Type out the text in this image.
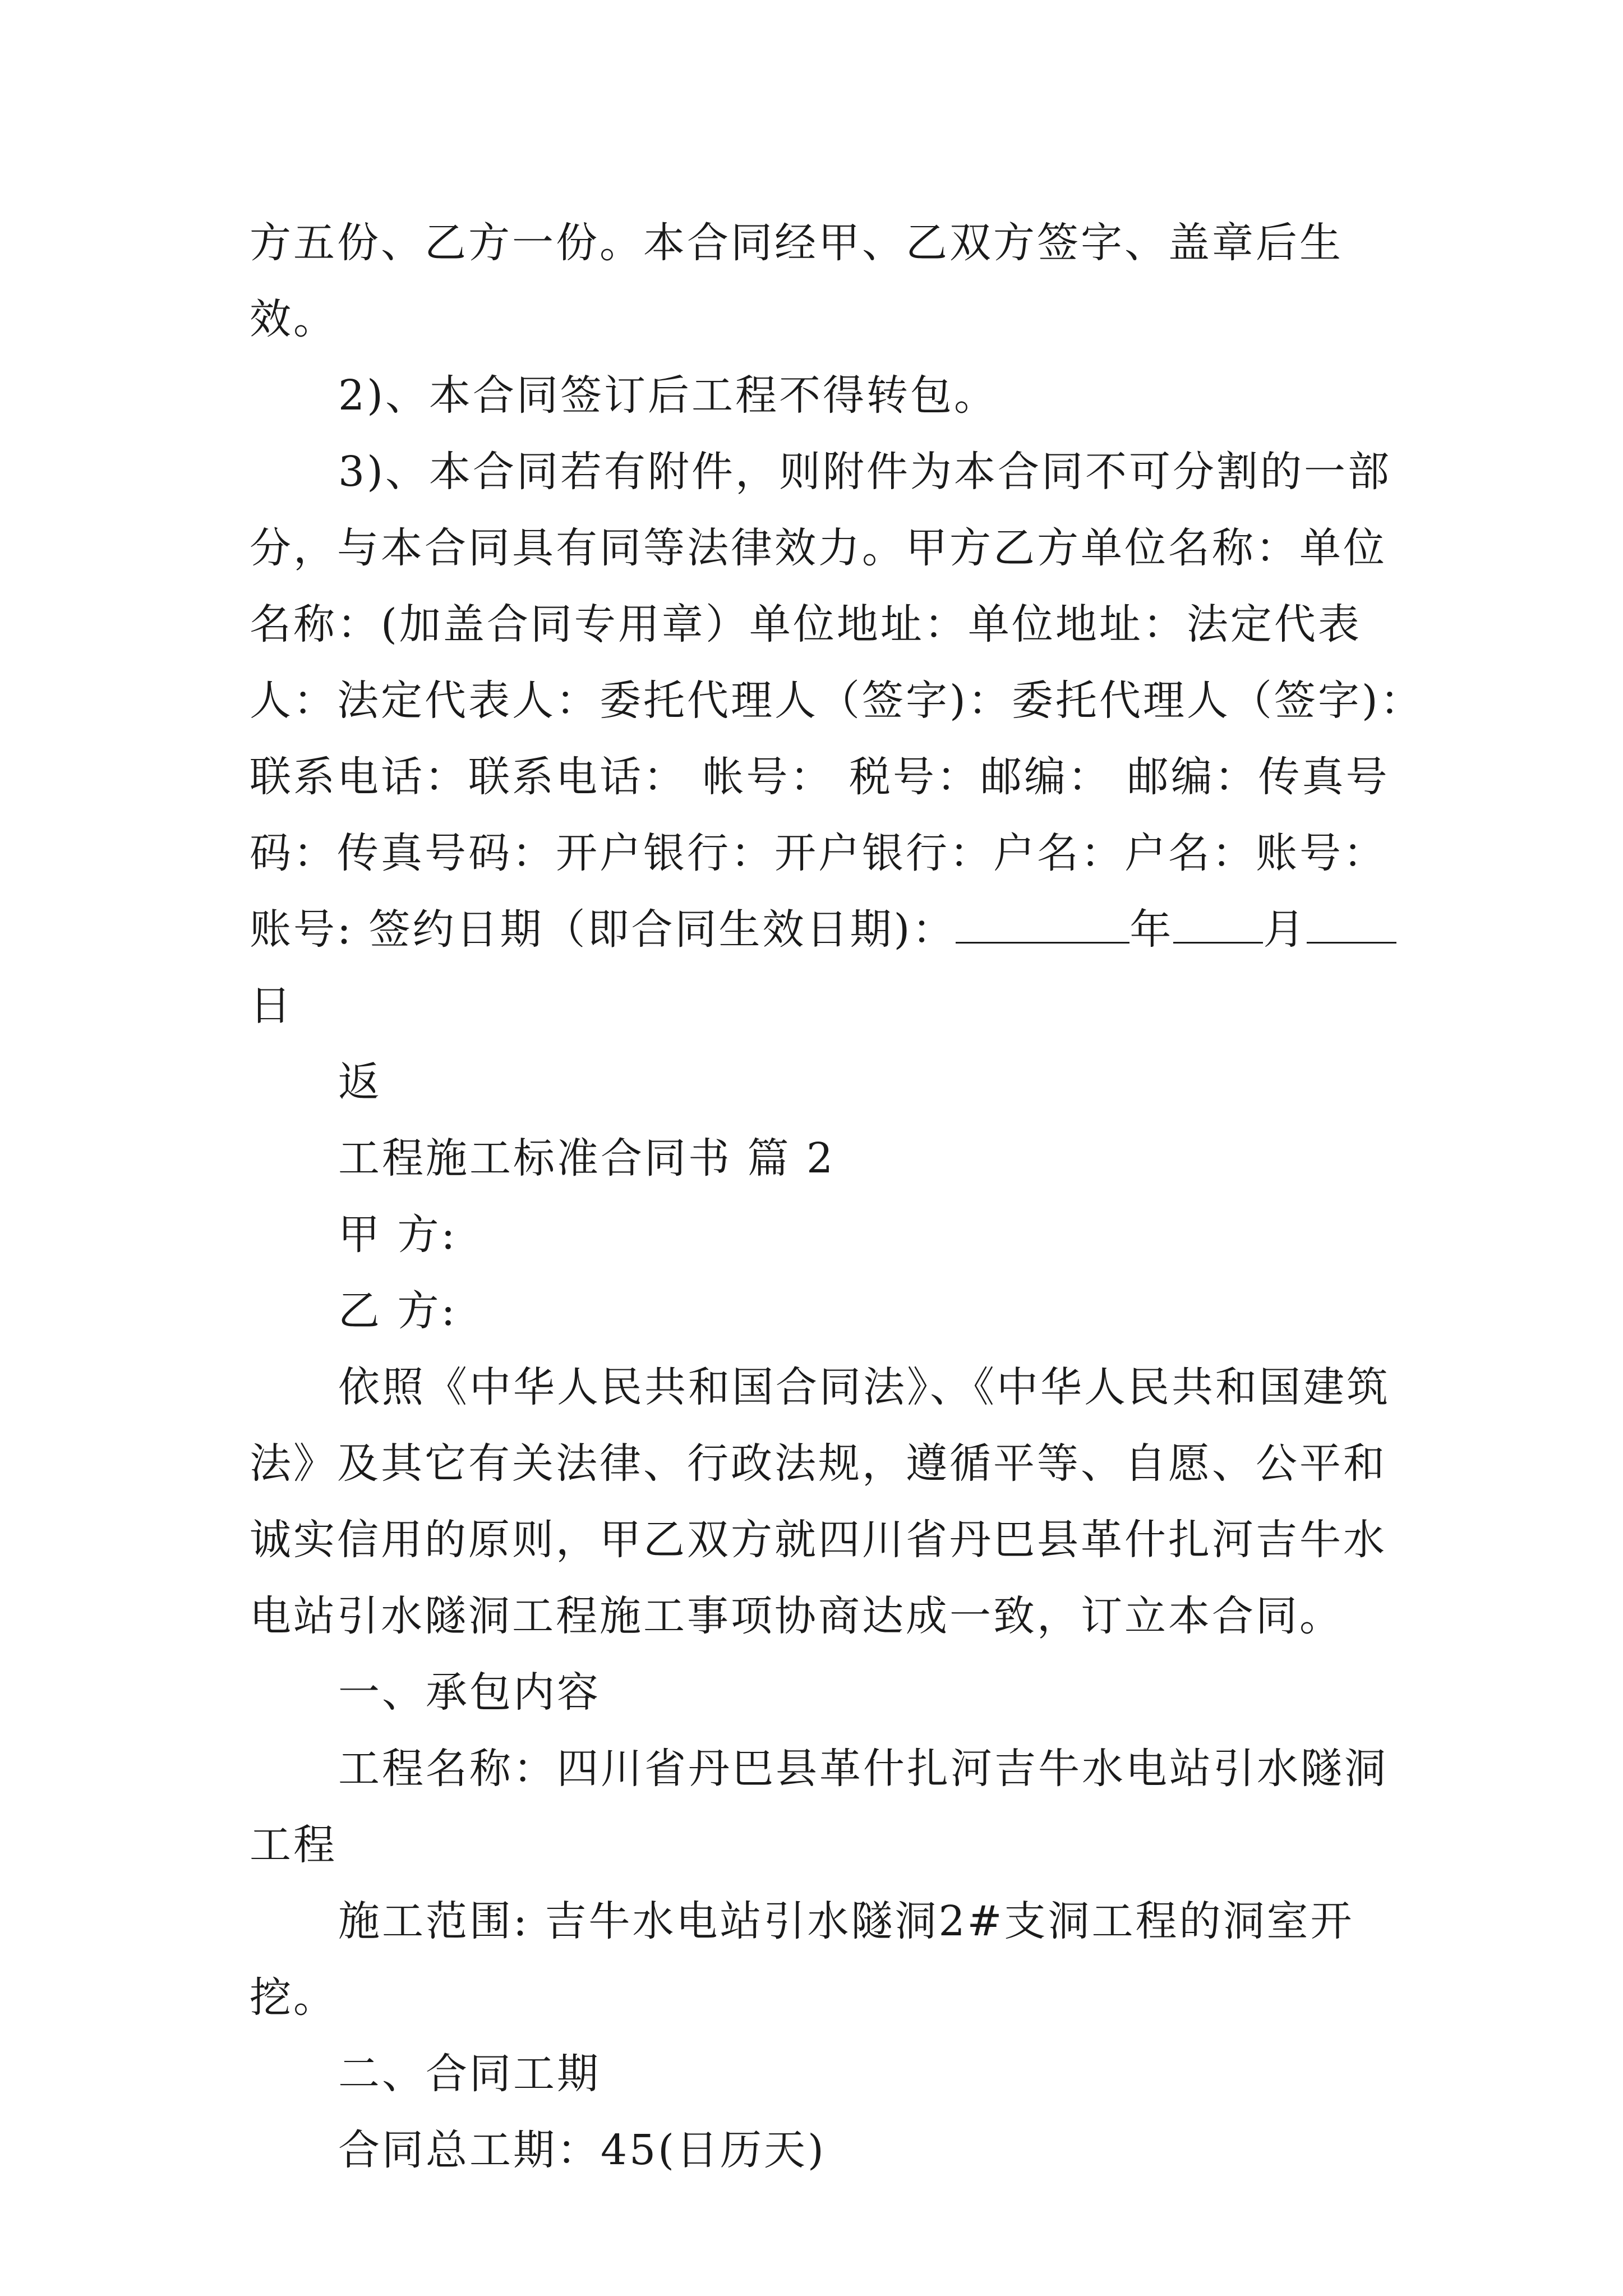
方五份、乙方一份。本合同经甲、乙双方签字、盖章后生效。

2)、本合同签订后工程不得转包。

3)、本合同若有附件，则附件为本合同不可分割的一部分，与本合同具有同等法律效力。甲方乙方单位名称：单位名称：(加盖合同专用章）单位地址：单位地址：法定代表人：法定代表人：委托代理人（签字)：委托代理人（签字)：联系电话：联系电话： 帐号： 税号：邮编： 邮编：传真号码：传真号码：开户银行：开户银行：户名：户名：账号：账号: 签约日期（即合同生效日期)：	年 月日

返

工程施工标准合同书 篇 2

甲 方:

乙 方:

依照《中华人民共和国合同法》、《中华人民共和国建筑法》及其它有关法律、行政法规，遵循平等、自愿、公平和诚实信用的原则，甲乙双方就四川省丹巴县革什扎河吉牛水电站引水隧洞工程施工事项协商达成一致，订立本合同。

一、承包内容

工程名称：四川省丹巴县革什扎河吉牛水电站引水隧洞工程

施工范围: 吉牛水电站引水隧洞2#支洞工程的洞室开挖。

二、合同工期

合同总工期：45(日历天)
